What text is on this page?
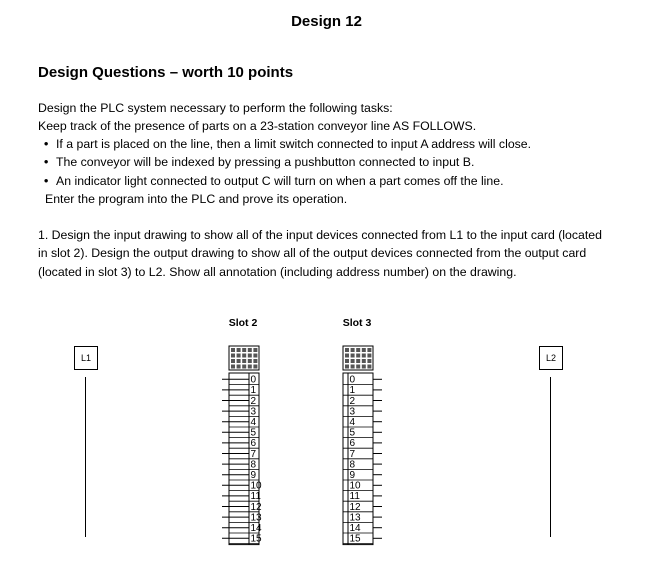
Design 12
Design Questions – worth 10 points
Design the PLC system necessary to perform the following tasks:
Keep track of the presence of parts on a 23-station conveyor line AS FOLLOWS.
• If a part is placed on the line, then a limit switch connected to input A address will close.
• The conveyor will be indexed by pressing a pushbutton connected to input B.
• An indicator light connected to output C will turn on when a part comes off the line.
Enter the program into the PLC and prove its operation.
1. Design the input drawing to show all of the input devices connected from L1 to the input card (located in slot 2). Design the output drawing to show all of the output devices connected from the output card (located in slot 3) to L2. Show all annotation (including address number) on the drawing.
L1	L2
Slot 2	Slot 3
0
1
2
3
4
5
6
7
8
9
10
11
12
13
14
15
0
1
2
3
4
5
6
7
8
9
10
11
12
13
14
15
